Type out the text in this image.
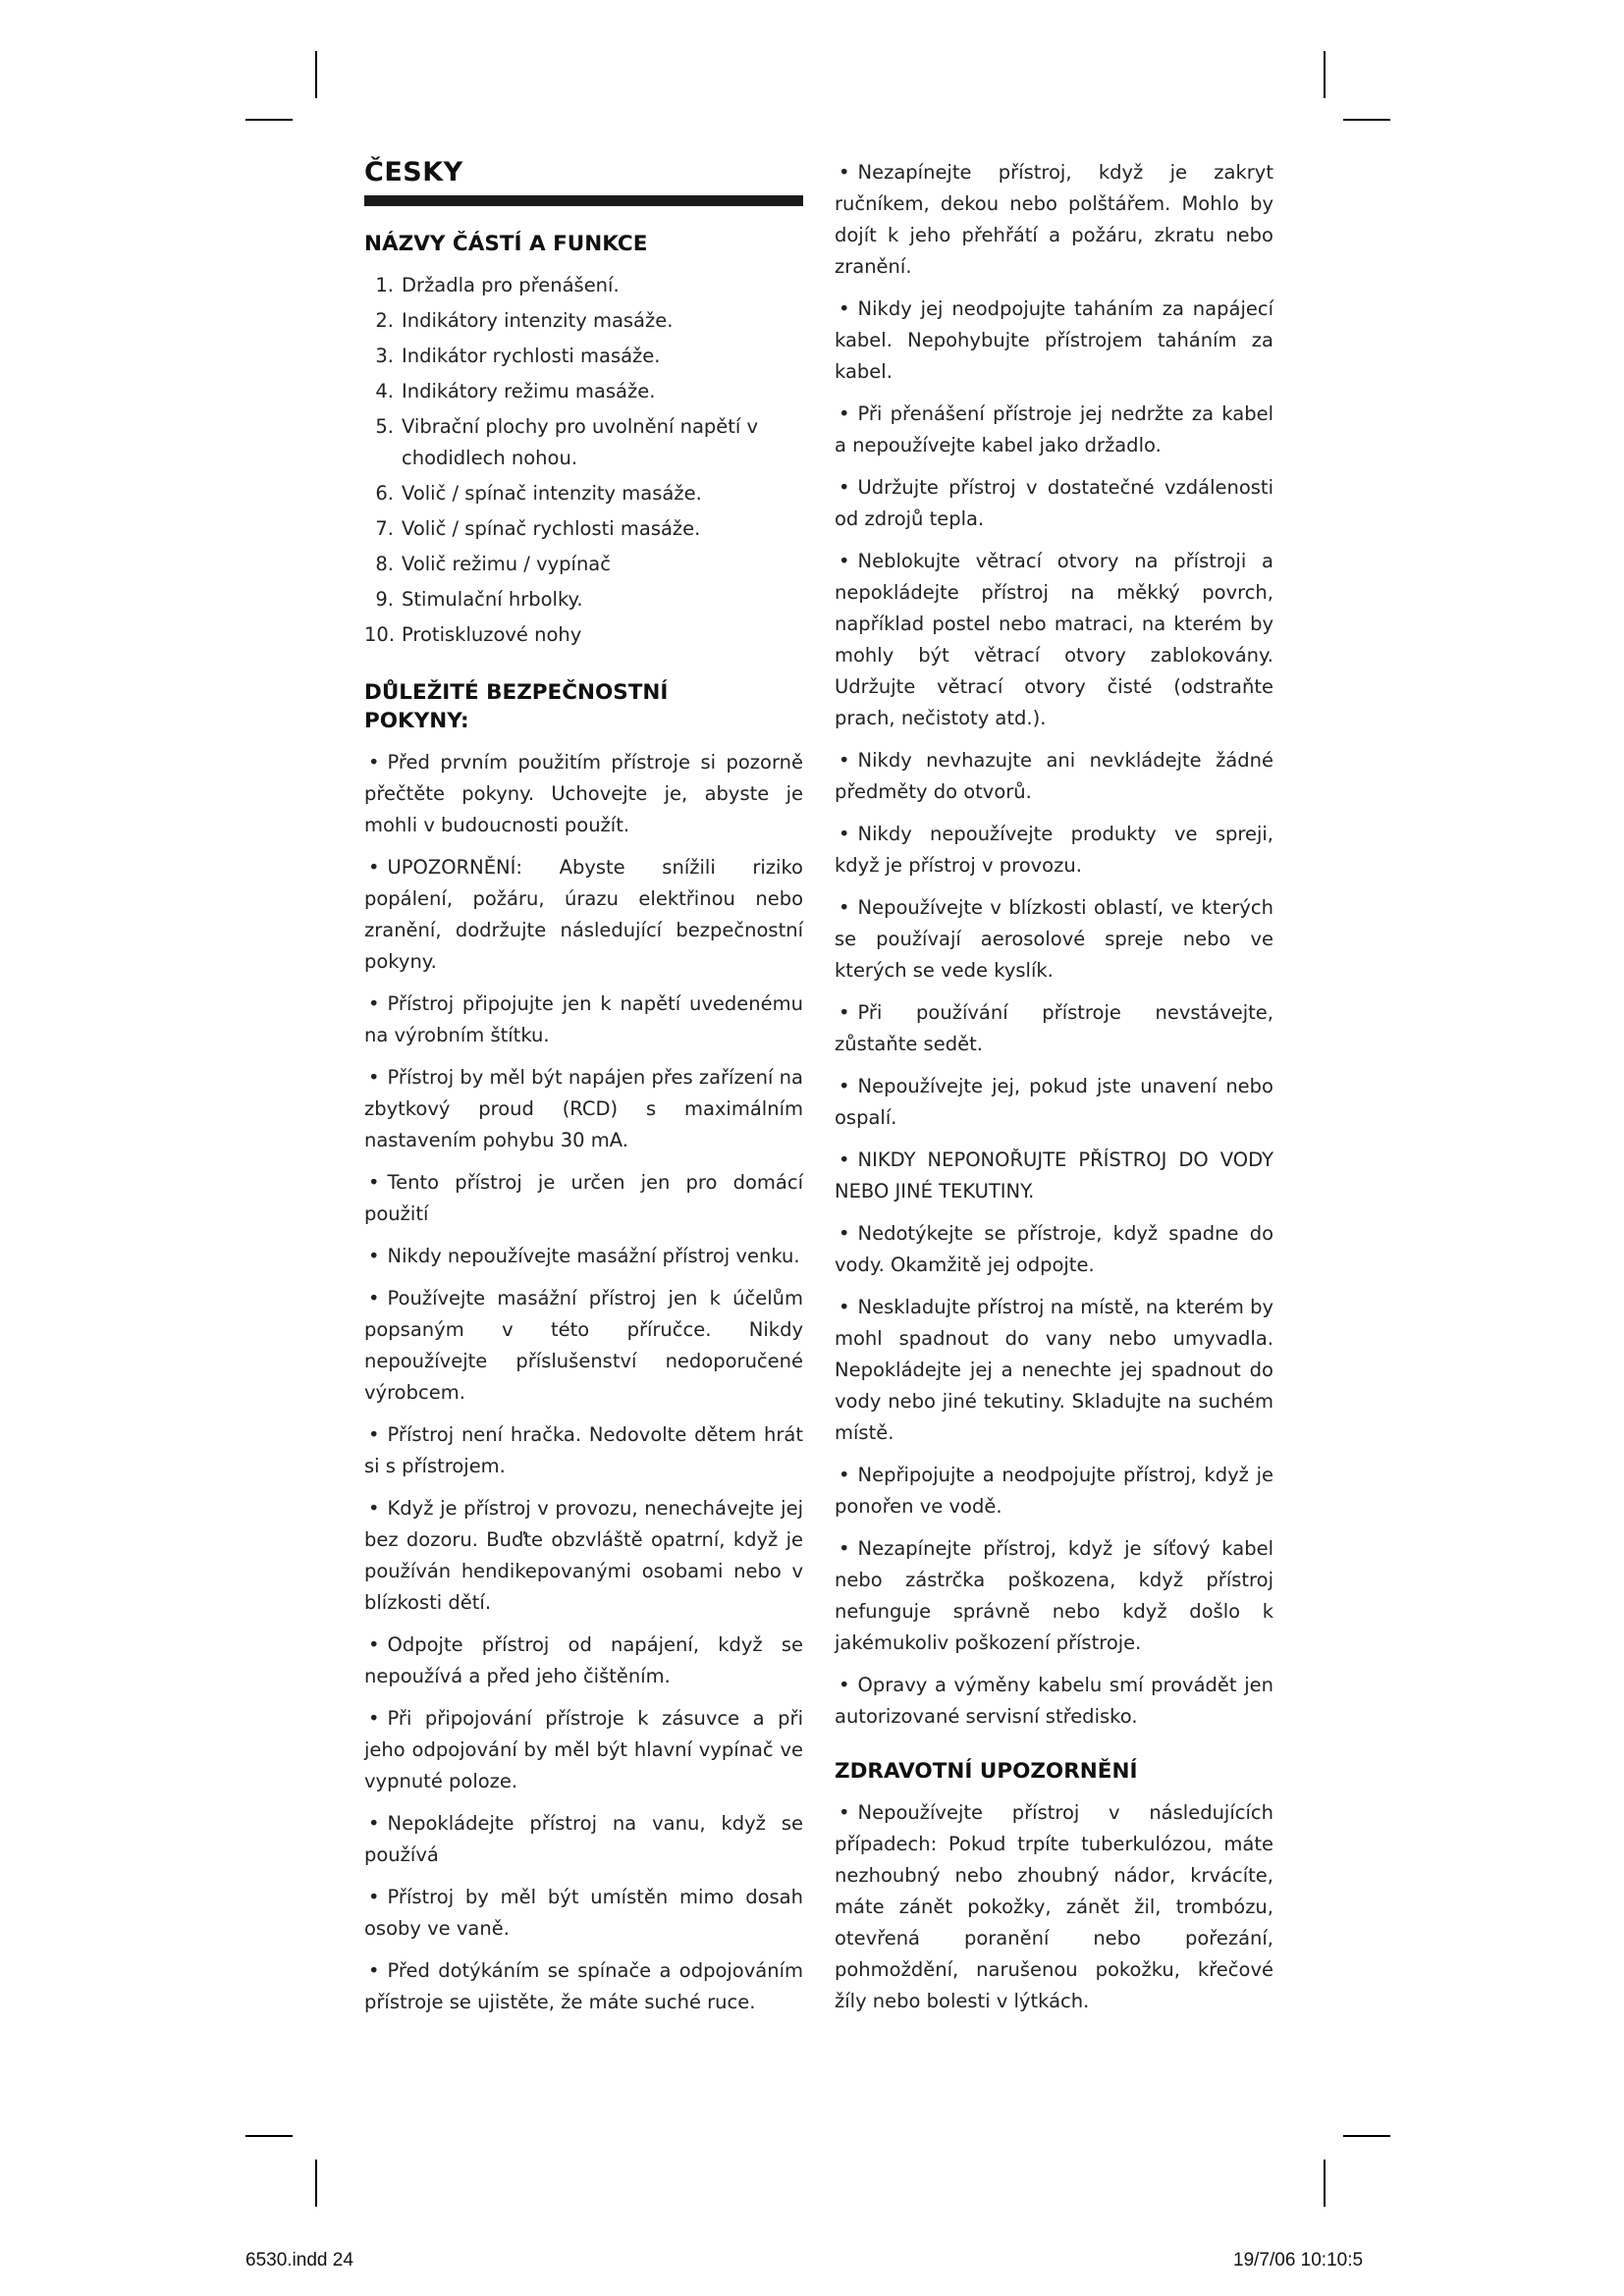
ČESKY
NÁZVY ČÁSTÍ A FUNKCE
1. Držadla pro přenášení.
2. Indikátory intenzity masáže.
3. Indikátor rychlosti masáže.
4. Indikátory režimu masáže.
5. Vibrační plochy pro uvolnění napětí v chodidlech nohou.
6. Volič / spínač intenzity masáže.
7. Volič / spínač rychlosti masáže.
8. Volič režimu / vypínač
9. Stimulační hrbolky.
10. Protiskluzové nohy
DŮLEŽITÉ BEZPEČNOSTNÍ POKYNY:
• Před prvním použitím přístroje si pozorně přečtěte pokyny. Uchovejte je, abyste je mohli v budoucnosti použít.
• UPOZORNĚNÍ: Abyste snížili riziko popálení, požáru, úrazu elektřinou nebo zranění, dodržujte následující bezpečnostní pokyny.
• Přístroj připojujte jen k napětí uvedenému na výrobním štítku.
• Přístroj by měl být napájen přes zařízení na zbytkový proud (RCD) s maximálním nastavením pohybu 30 mA.
• Tento přístroj je určen jen pro domácí použití
• Nikdy nepoužívejte masážní přístroj venku.
• Používejte masážní přístroj jen k účelům popsaným v této příručce. Nikdy nepoužívejte příslušenství nedoporučené výrobcem.
• Přístroj není hračka. Nedovolte dětem hrát si s přístrojem.
• Když je přístroj v provozu, nenechávejte jej bez dozoru. Buďte obzvláště opatrní, když je používán hendikepovanými osobami nebo v blízkosti dětí.
• Odpojte přístroj od napájení, když se nepoužívá a před jeho čištěním.
• Při připojování přístroje k zásuvce a při jeho odpojování by měl být hlavní vypínač ve vypnuté poloze.
• Nepokládejte přístroj na vanu, když se používá
• Přístroj by měl být umístěn mimo dosah osoby ve vaně.
• Před dotýkáním se spínače a odpojováním přístroje se ujistěte, že máte suché ruce.
• Nezapínejte přístroj, když je zakryt ručníkem, dekou nebo polštářem. Mohlo by dojít k jeho přehřátí a požáru, zkratu nebo zranění.
• Nikdy jej neodpojujte taháním za napájecí kabel. Nepohybujte přístrojem taháním za kabel.
• Při přenášení přístroje jej nedržte za kabel a nepoužívejte kabel jako držadlo.
• Udržujte přístroj v dostatečné vzdálenosti od zdrojů tepla.
• Neblokujte větrací otvory na přístroji a nepokládejte přístroj na měkký povrch, například postel nebo matraci, na kterém by mohly být větrací otvory zablokovány. Udržujte větrací otvory čisté (odstraňte prach, nečistoty atd.).
• Nikdy nevhazujte ani nevkládejte žádné předměty do otvorů.
• Nikdy nepoužívejte produkty ve spreji, když je přístroj v provozu.
• Nepoužívejte v blízkosti oblastí, ve kterých se používají aerosolové spreje nebo ve kterých se vede kyslík.
• Při používání přístroje nevstávejte, zůstaňte sedět.
• Nepoužívejte jej, pokud jste unavení nebo ospalí.
• NIKDY NEPONOŘUJTE PŘÍSTROJ DO VODY NEBO JINÉ TEKUTINY.
• Nedotýkejte se přístroje, když spadne do vody. Okamžitě jej odpojte.
• Neskladujte přístroj na místě, na kterém by mohl spadnout do vany nebo umyvadla. Nepokládejte jej a nenechte jej spadnout do vody nebo jiné tekutiny. Skladujte na suchém místě.
• Nepřipojujte a neodpojujte přístroj, když je ponořen ve vodě.
• Nezapínejte přístroj, když je síťový kabel nebo zástrčka poškozena, když přístroj nefunguje správně nebo když došlo k jakémukoliv poškození přístroje.
• Opravy a výměny kabelu smí provádět jen autorizované servisní středisko.
ZDRAVOTNÍ UPOZORNĚNÍ
• Nepoužívejte přístroj v následujících případech: Pokud trpíte tuberkulózou, máte nezhoubný nebo zhoubný nádor, krvácíte, máte zánět pokožky, zánět žil, trombózu, otevřená poranění nebo pořezání, pohmoždění, narušenou pokožku, křečové žíly nebo bolesti v lýtkách.
6530.indd 24	19/7/06 10:10:5
